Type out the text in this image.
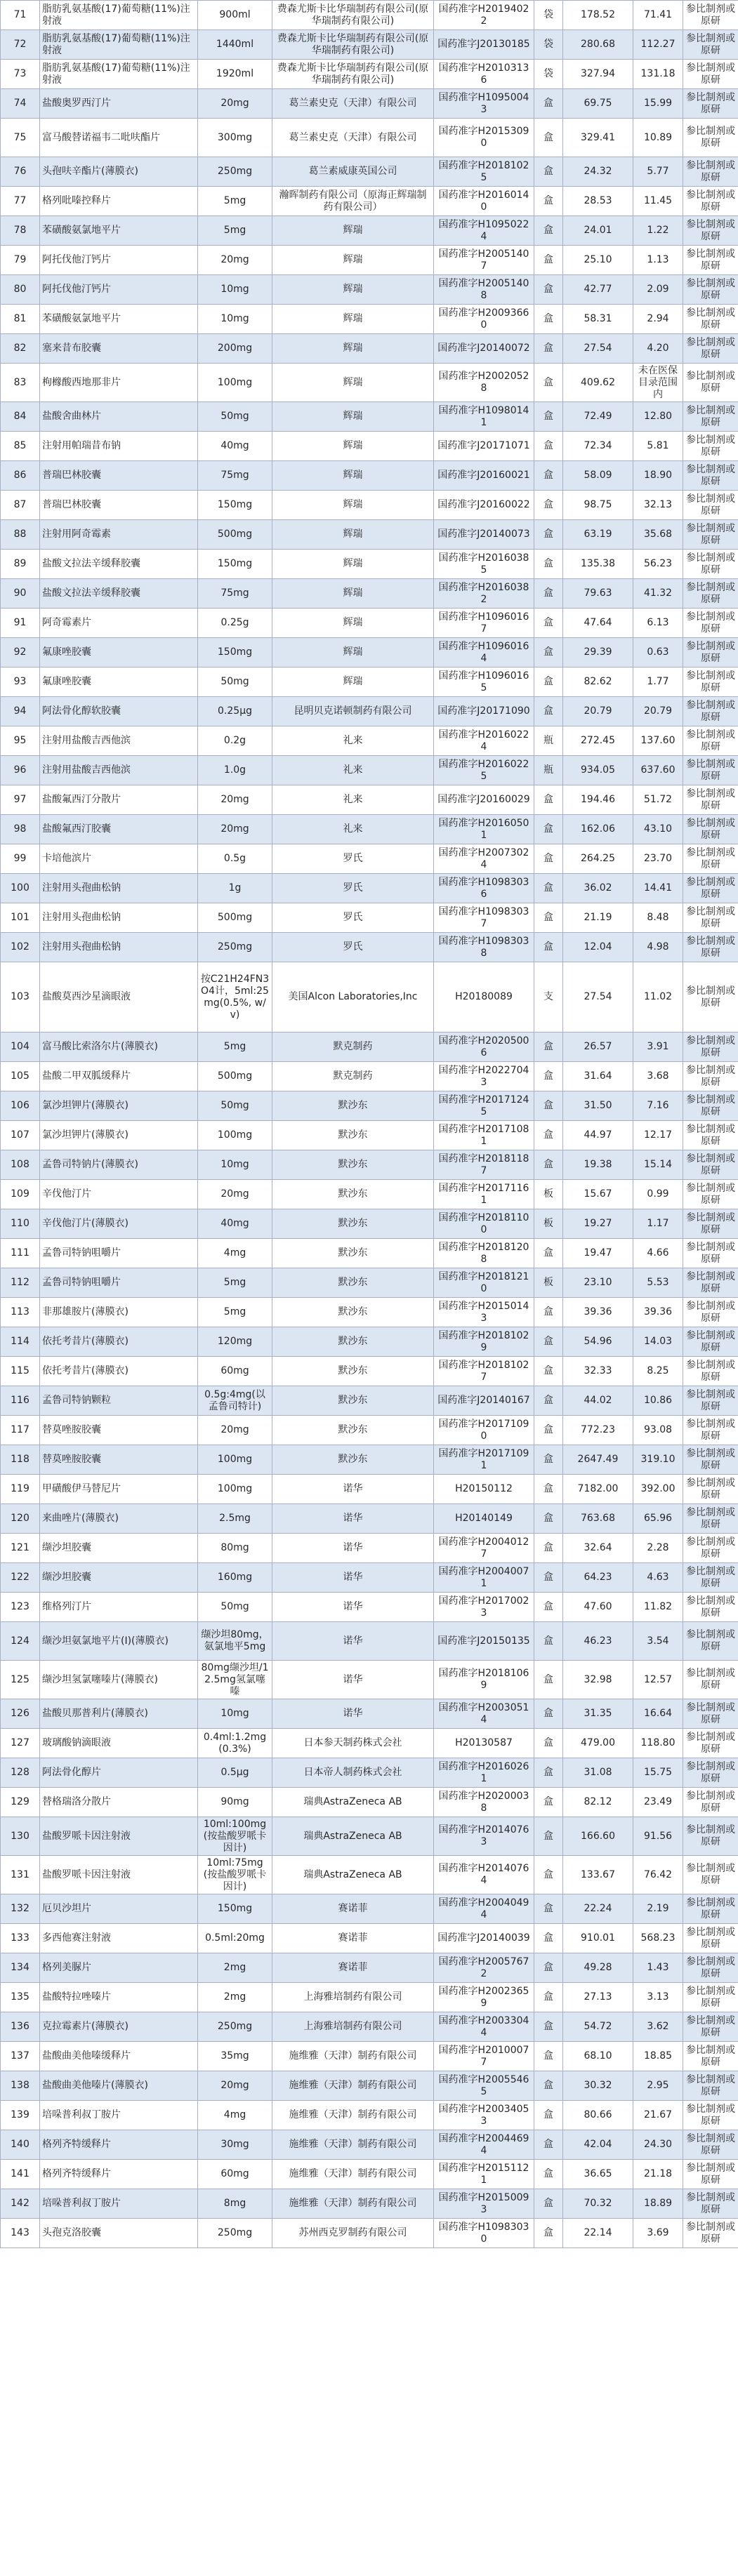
71	脂肪乳氨基酸(17)葡萄糖(11%)注射液	900ml	费森尤斯卡比华瑞制药有限公司(原华瑞制药有限公司)	国药准字H20194022	袋	178.52	71.41	参比制剂或原研
72	脂肪乳氨基酸(17)葡萄糖(11%)注射液	1440ml	费森尤斯卡比华瑞制药有限公司(原华瑞制药有限公司)	国药准字J20130185	袋	280.68	112.27	参比制剂或原研
73	脂肪乳氨基酸(17)葡萄糖(11%)注射液	1920ml	费森尤斯卡比华瑞制药有限公司(原华瑞制药有限公司)	国药准字H20103136	袋	327.94	131.18	参比制剂或原研
74	盐酸奥罗西汀片	20mg	葛兰素史克（天津）有限公司	国药准字H10950043	盒	69.75	15.99	参比制剂或原研
75	富马酸替诺福韦二吡呋酯片	300mg	葛兰素史克（天津）有限公司	国药准字H20153090	盒	329.41	10.89	参比制剂或原研
76	头孢呋辛酯片(薄膜衣)	250mg	葛兰素威康英国公司	国药准字H20181025	盒	24.32	5.77	参比制剂或原研
77	格列吡嗪控释片	5mg	瀚晖制药有限公司（原海正辉瑞制药有限公司）	国药准字H20160140	盒	28.53	11.45	参比制剂或原研
78	苯磺酸氨氯地平片	5mg	辉瑞	国药准字H10950224	盒	24.01	1.22	参比制剂或原研
79	阿托伐他汀钙片	20mg	辉瑞	国药准字H20051407	盒	25.10	1.13	参比制剂或原研
80	阿托伐他汀钙片	10mg	辉瑞	国药准字H20051408	盒	42.77	2.09	参比制剂或原研
81	苯磺酸氨氯地平片	10mg	辉瑞	国药准字H20093660	盒	58.31	2.94	参比制剂或原研
82	塞来昔布胶囊	200mg	辉瑞	国药准字J20140072	盒	27.54	4.20	参比制剂或原研
83	枸橼酸西地那非片	100mg	辉瑞	国药准字H20020528	盒	409.62	未在医保目录范围内	参比制剂或原研
84	盐酸舍曲林片	50mg	辉瑞	国药准字H10980141	盒	72.49	12.80	参比制剂或原研
85	注射用帕瑞昔布钠	40mg	辉瑞	国药准字J20171071	盒	72.34	5.81	参比制剂或原研
86	普瑞巴林胶囊	75mg	辉瑞	国药准字J20160021	盒	58.09	18.90	参比制剂或原研
87	普瑞巴林胶囊	150mg	辉瑞	国药准字J20160022	盒	98.75	32.13	参比制剂或原研
88	注射用阿奇霉素	500mg	辉瑞	国药准字J20140073	盒	63.19	35.68	参比制剂或原研
89	盐酸文拉法辛缓释胶囊	150mg	辉瑞	国药准字H20160385	盒	135.38	56.23	参比制剂或原研
90	盐酸文拉法辛缓释胶囊	75mg	辉瑞	国药准字H20160382	盒	79.63	41.32	参比制剂或原研
91	阿奇霉素片	0.25g	辉瑞	国药准字H10960167	盒	47.64	6.13	参比制剂或原研
92	氟康唑胶囊	150mg	辉瑞	国药准字H10960164	盒	29.39	0.63	参比制剂或原研
93	氟康唑胶囊	50mg	辉瑞	国药准字H10960165	盒	82.62	1.77	参比制剂或原研
94	阿法骨化醇软胶囊	0.25μg	昆明贝克诺顿制药有限公司	国药准字J20171090	盒	20.79	20.79	参比制剂或原研
95	注射用盐酸吉西他滨	0.2g	礼来	国药准字H20160224	瓶	272.45	137.60	参比制剂或原研
96	注射用盐酸吉西他滨	1.0g	礼来	国药准字H20160225	瓶	934.05	637.60	参比制剂或原研
97	盐酸氟西汀分散片	20mg	礼来	国药准字J20160029	盒	194.46	51.72	参比制剂或原研
98	盐酸氟西汀胶囊	20mg	礼来	国药准字H20160501	盒	162.06	43.10	参比制剂或原研
99	卡培他滨片	0.5g	罗氏	国药准字H20073024	盒	264.25	23.70	参比制剂或原研
100	注射用头孢曲松钠	1g	罗氏	国药准字H10983036	盒	36.02	14.41	参比制剂或原研
101	注射用头孢曲松钠	500mg	罗氏	国药准字H10983037	盒	21.19	8.48	参比制剂或原研
102	注射用头孢曲松钠	250mg	罗氏	国药准字H10983038	盒	12.04	4.98	参比制剂或原研
103	盐酸莫西沙星滴眼液	按C21H24FN3O4计，5ml:25mg(0.5%, w/v)	美国Alcon Laboratories,Inc	H20180089	支	27.54	11.02	参比制剂或原研
104	富马酸比索洛尔片(薄膜衣)	5mg	默克制药	国药准字H20205006	盒	26.57	3.91	参比制剂或原研
105	盐酸二甲双胍缓释片	500mg	默克制药	国药准字H20227043	盒	31.64	3.68	参比制剂或原研
106	氯沙坦钾片(薄膜衣)	50mg	默沙东	国药准字H20171245	盒	31.50	7.16	参比制剂或原研
107	氯沙坦钾片(薄膜衣)	100mg	默沙东	国药准字H20171081	盒	44.97	12.17	参比制剂或原研
108	孟鲁司特钠片(薄膜衣)	10mg	默沙东	国药准字H20181187	盒	19.38	15.14	参比制剂或原研
109	辛伐他汀片	20mg	默沙东	国药准字H20171161	板	15.67	0.99	参比制剂或原研
110	辛伐他汀片(薄膜衣)	40mg	默沙东	国药准字H20181100	板	19.27	1.17	参比制剂或原研
111	孟鲁司特钠咀嚼片	4mg	默沙东	国药准字H20181208	盒	19.47	4.66	参比制剂或原研
112	孟鲁司特钠咀嚼片	5mg	默沙东	国药准字H20181210	板	23.10	5.53	参比制剂或原研
113	非那雄胺片(薄膜衣)	5mg	默沙东	国药准字H20150143	盒	39.36	39.36	参比制剂或原研
114	依托考昔片(薄膜衣)	120mg	默沙东	国药准字H20181029	盒	54.96	14.03	参比制剂或原研
115	依托考昔片(薄膜衣)	60mg	默沙东	国药准字H20181027	盒	32.33	8.25	参比制剂或原研
116	孟鲁司特钠颗粒	0.5g:4mg(以孟鲁司特计)	默沙东	国药准字J20140167	盒	44.02	10.86	参比制剂或原研
117	替莫唑胺胶囊	20mg	默沙东	国药准字H20171090	盒	772.23	93.08	参比制剂或原研
118	替莫唑胺胶囊	100mg	默沙东	国药准字H20171091	盒	2647.49	319.10	参比制剂或原研
119	甲磺酸伊马替尼片	100mg	诺华	H20150112	盒	7182.00	392.00	参比制剂或原研
120	来曲唑片(薄膜衣)	2.5mg	诺华	H20140149	盒	763.68	65.96	参比制剂或原研
121	缬沙坦胶囊	80mg	诺华	国药准字H20040127	盒	32.64	2.28	参比制剂或原研
122	缬沙坦胶囊	160mg	诺华	国药准字H20040071	盒	64.23	4.63	参比制剂或原研
123	维格列汀片	50mg	诺华	国药准字H20170023	盒	47.60	11.82	参比制剂或原研
124	缬沙坦氨氯地平片(I)(薄膜衣)	缬沙坦80mg，氨氯地平5mg	诺华	国药准字J20150135	盒	46.23	3.54	参比制剂或原研
125	缬沙坦氢氯噻嗪片(薄膜衣)	80mg缬沙坦/12.5mg氢氯噻嗪	诺华	国药准字H20181069	盒	32.98	12.57	参比制剂或原研
126	盐酸贝那普利片(薄膜衣)	10mg	诺华	国药准字H20030514	盒	31.35	16.64	参比制剂或原研
127	玻璃酸钠滴眼液	0.4ml:1.2mg(0.3%)	日本参天制药株式会社	H20130587	盒	479.00	118.80	参比制剂或原研
128	阿法骨化醇片	0.5μg	日本帝人制药株式会社	国药准字H20160261	盒	31.08	15.75	参比制剂或原研
129	替格瑞洛分散片	90mg	瑞典AstraZeneca AB	国药准字H20200038	盒	82.12	23.49	参比制剂或原研
130	盐酸罗哌卡因注射液	10ml:100mg(按盐酸罗哌卡因计)	瑞典AstraZeneca AB	国药准字H20140763	盒	166.60	91.56	参比制剂或原研
131	盐酸罗哌卡因注射液	10ml:75mg(按盐酸罗哌卡因计)	瑞典AstraZeneca AB	国药准字H20140764	盒	133.67	76.42	参比制剂或原研
132	厄贝沙坦片	150mg	赛诺菲	国药准字H20040494	盒	22.24	2.19	参比制剂或原研
133	多西他赛注射液	0.5ml:20mg	赛诺菲	国药准字J20140039	盒	910.01	568.23	参比制剂或原研
134	格列美脲片	2mg	赛诺菲	国药准字H20057672	盒	49.28	1.43	参比制剂或原研
135	盐酸特拉唑嗪片	2mg	上海雅培制药有限公司	国药准字H20023659	盒	27.13	3.13	参比制剂或原研
136	克拉霉素片(薄膜衣)	250mg	上海雅培制药有限公司	国药准字H20033044	盒	54.72	3.62	参比制剂或原研
137	盐酸曲美他嗪缓释片	35mg	施维雅（天津）制药有限公司	国药准字H20100077	盒	68.10	18.85	参比制剂或原研
138	盐酸曲美他嗪片(薄膜衣)	20mg	施维雅（天津）制药有限公司	国药准字H20055465	盒	30.32	2.95	参比制剂或原研
139	培哚普利叔丁胺片	4mg	施维雅（天津）制药有限公司	国药准字H20034053	盒	80.66	21.67	参比制剂或原研
140	格列齐特缓释片	30mg	施维雅（天津）制药有限公司	国药准字H20044694	盒	42.04	24.30	参比制剂或原研
141	格列齐特缓释片	60mg	施维雅（天津）制药有限公司	国药准字H20151121	盒	36.65	21.18	参比制剂或原研
142	培哚普利叔丁胺片	8mg	施维雅（天津）制药有限公司	国药准字H20150093	盒	70.32	18.89	参比制剂或原研
143	头孢克洛胶囊	250mg	苏州西克罗制药有限公司	国药准字H10983030	盒	22.14	3.69	参比制剂或原研
